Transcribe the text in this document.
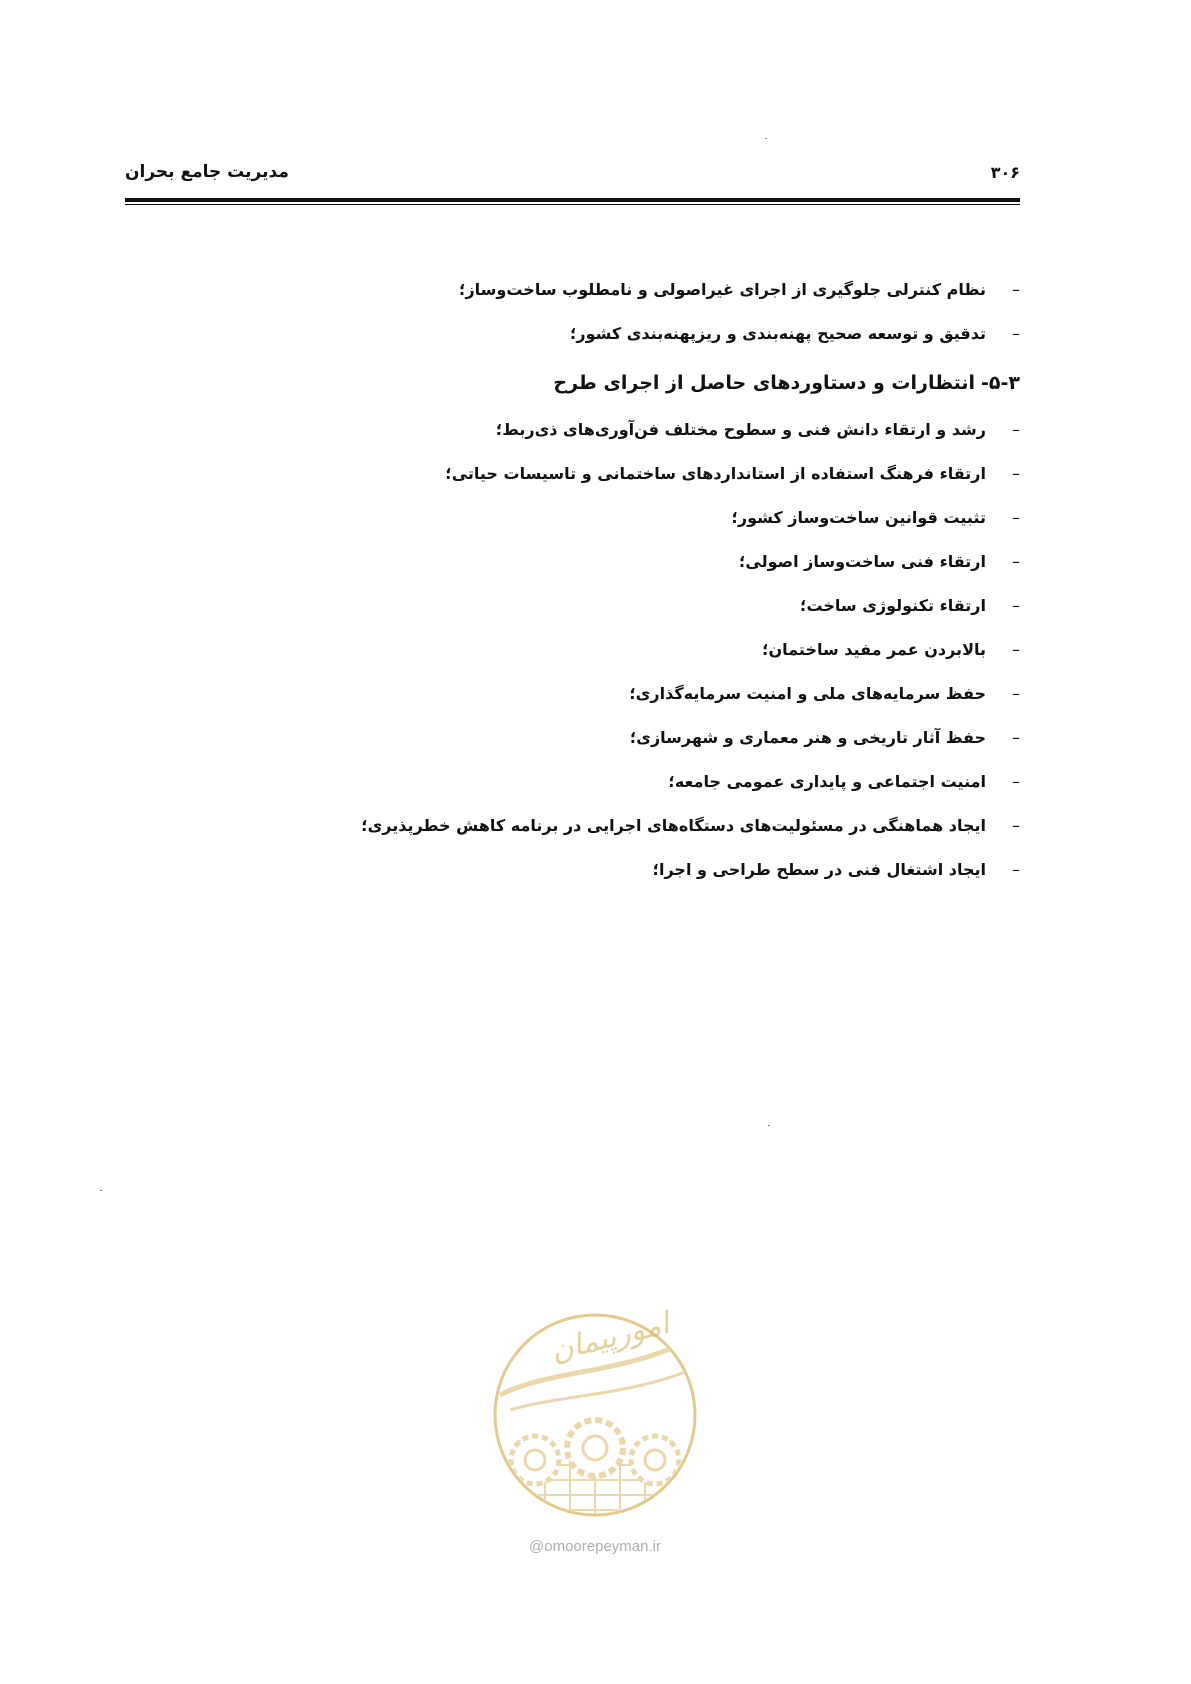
مدیریت جامع بحران	۳۰۶
–
نظام کنترلی جلوگیری از اجرای غیراصولی و نامطلوب ساخت‌وساز؛
–
تدقیق و توسعه صحیح پهنه‌بندی و ریزپهنه‌بندی کشور؛
۵-۳-انتظارات و دستاوردهای حاصل از اجرای طرح
–
رشد و ارتقاء دانش فنی و سطوح مختلف فن‌آوری‌های ذی‌ربط؛
–
ارتقاء فرهنگ استفاده از استانداردهای ساختمانی و تاسیسات حیاتی؛
–
تثبیت قوانین ساخت‌وساز کشور؛
–
ارتقاء فنی ساخت‌وساز اصولی؛
–
ارتقاء تکنولوژی ساخت؛
–
بالابردن عمر مفید ساختمان؛
–
حفظ سرمایه‌های ملی و امنیت سرمایه‌گذاری؛
–
حفظ آثار تاریخی و هنر معماری و شهرسازی؛
–
امنیت اجتماعی و پایداری عمومی جامعه؛
–
ایجاد هماهنگی در مسئولیت‌های دستگاه‌های اجرایی در برنامه کاهش خطرپذیری؛
–
ایجاد اشتغال فنی در سطح طراحی و اجرا؛
امورپیمان
@omoorepeyman.ir
